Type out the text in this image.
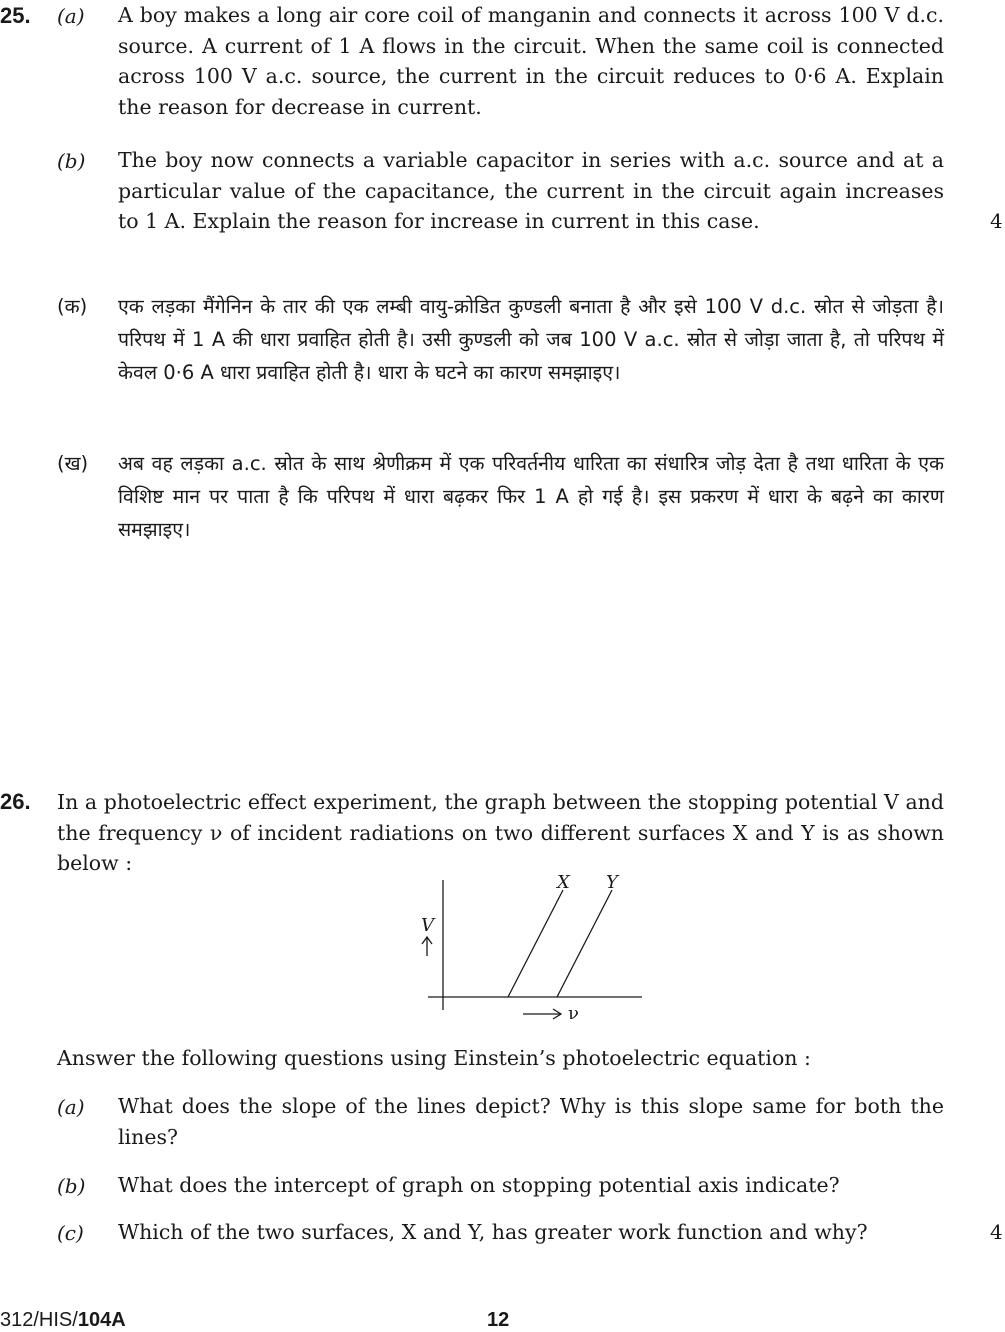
25. (a) A boy makes a long air core coil of manganin and connects it across 100 V d.c. source. A current of 1 A flows in the circuit. When the same coil is connected across 100 V a.c. source, the current in the circuit reduces to 0·6 A. Explain the reason for decrease in current.

(b) The boy now connects a variable capacitor in series with a.c. source and at a particular value of the capacitance, the current in the circuit again increases to 1 A. Explain the reason for increase in current in this case.	4
(क) एक लड़का मैंगेनिन के तार की एक लम्बी वायु-क्रोडित कुण्डली बनाता है और इसे 100 V d.c. स्रोत से जोड़ता है। परिपथ में 1 A की धारा प्रवाहित होती है। उसी कुण्डली को जब 100 V a.c. स्रोत से जोड़ा जाता है, तो परिपथ में केवल 0·6 A धारा प्रवाहित होती है। धारा के घटने का कारण समझाइए।

(ख) अब वह लड़का a.c. स्रोत के साथ श्रेणीक्रम में एक परिवर्तनीय धारिता का संधारित्र जोड़ देता है तथा धारिता के एक विशिष्ट मान पर पाता है कि परिपथ में धारा बढ़कर फिर 1 A हो गई है। इस प्रकरण में धारा के बढ़ने का कारण समझाइए।

26. In a photoelectric effect experiment, the graph between the stopping potential V and the frequency ν of incident radiations on two different surfaces X and Y is as shown below :

X Y
V
ν

Answer the following questions using Einstein’s photoelectric equation :

(a) What does the slope of the lines depict? Why is this slope same for both the lines?

(b) What does the intercept of graph on stopping potential axis indicate?

(c) Which of the two surfaces, X and Y, has greater work function and why?	4
312/HIS/104A	12
